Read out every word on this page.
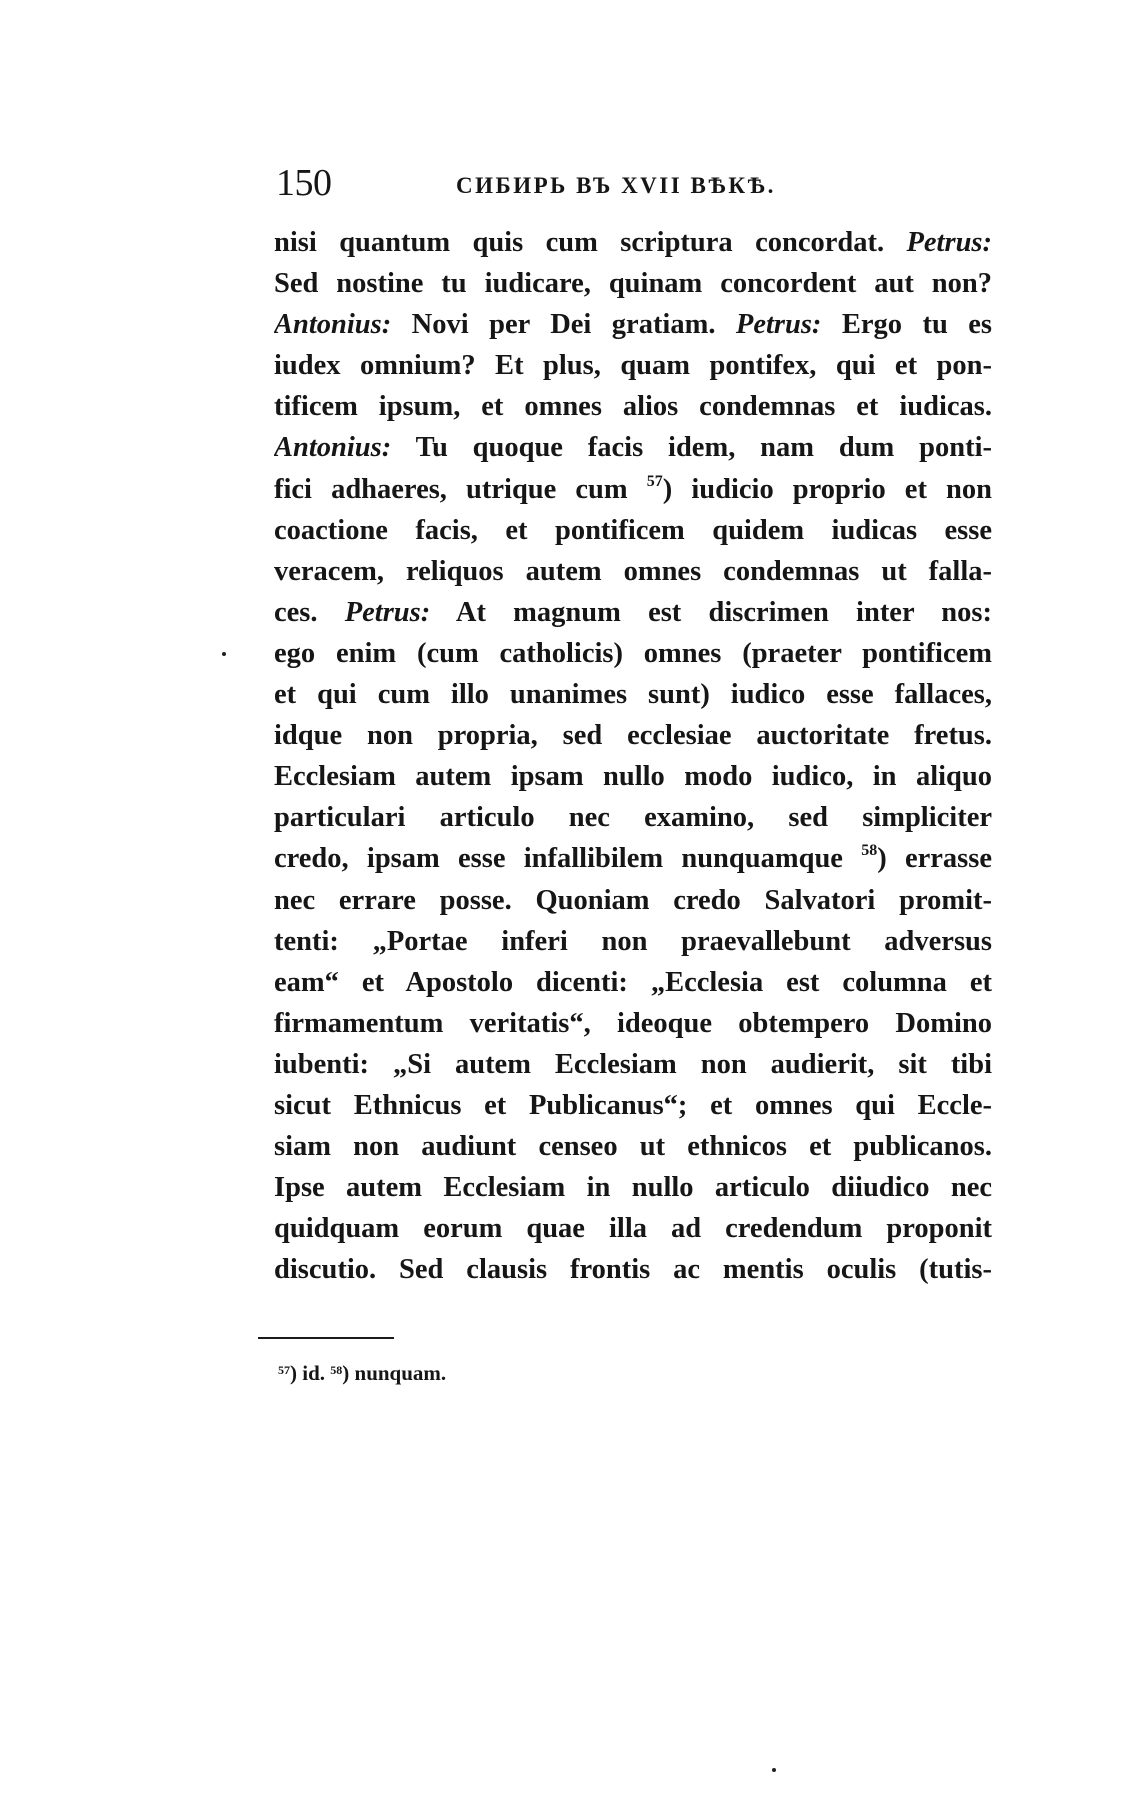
150	СИБИРЬ ВЪ XVII ВѢКѢ.
nisi quantum quis cum scriptura concordat. Petrus:
Sed nostine tu iudicare, quinam concordent aut non?
Antonius: Novi per Dei gratiam. Petrus: Ergo tu es
iudex omnium? Et plus, quam pontifex, qui et pon-
tificem ipsum, et omnes alios condemnas et iudicas.
Antonius: Tu quoque facis idem, nam dum ponti-
fici adhaeres, utrique cum $^{57}$) iudicio proprio et non
coactione facis, et pontificem quidem iudicas esse
veracem, reliquos autem omnes condemnas ut falla-
ces. Petrus: At magnum est discrimen inter nos:
ego enim (cum catholicis) omnes (praeter pontificem
et qui cum illo unanimes sunt) iudico esse fallaces,
idque non propria, sed ecclesiae auctoritate fretus.
Ecclesiam autem ipsam nullo modo iudico, in aliquo
particulari articulo nec examino, sed simpliciter
credo, ipsam esse infallibilem nunquamque $^{58}$) errasse
nec errare posse. Quoniam credo Salvatori promit-
tenti: „Portae inferi non praevallebunt adversus
eam“ et Apostolo dicenti: „Ecclesia est columna et
firmamentum veritatis“, ideoque obtempero Domino
iubenti: „Si autem Ecclesiam non audierit, sit tibi
sicut Ethnicus et Publicanus“; et omnes qui Eccle-
siam non audiunt censeo ut ethnicos et publicanos.
Ipse autem Ecclesiam in nullo articulo diiudico nec
quidquam eorum quae illa ad credendum proponit
discutio. Sed clausis frontis ac mentis oculis (tutis-
$^{57}$) id. $^{58}$) nunquam.
